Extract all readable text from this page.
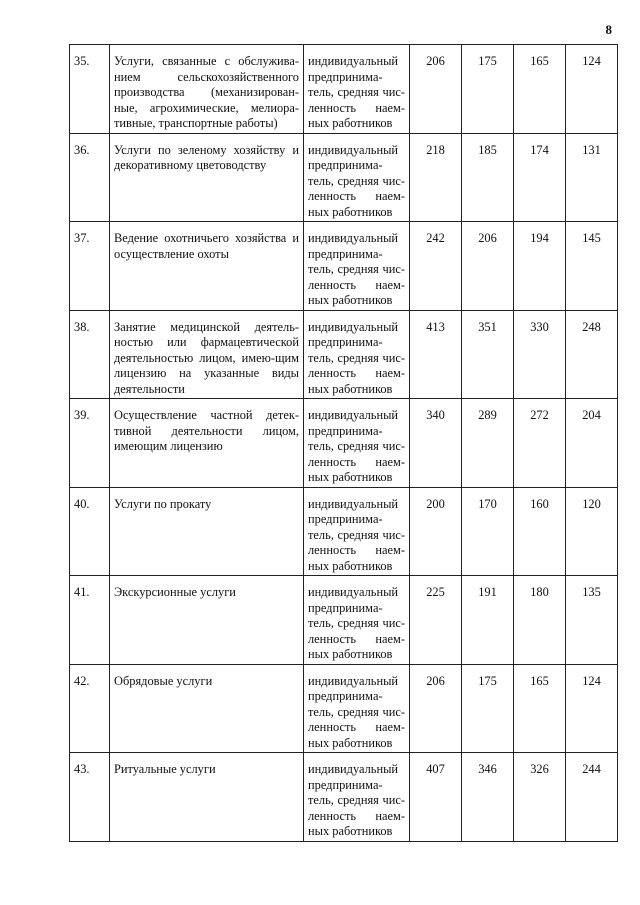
8
35.	Услуги, связанные с обслужива-нием сельскохозяйственного производства (механизирован-ные, агрохимические, мелиора-тивные, транспортные работы)	индивидуальный предпринима-тель, средняя чис-ленность наем-ных работников	206	175	165	124
36.	Услуги по зеленому хозяйству и декоративному цветоводству	индивидуальный предпринима-тель, средняя чис-ленность наем-ных работников	218	185	174	131
37.	Ведение охотничьего хозяйства и осуществление охоты	индивидуальный предпринима-тель, средняя чис-ленность наем-ных работников	242	206	194	145
38.	Занятие медицинской деятель-ностью или фармацевтической деятельностью лицом, имею-щим лицензию на указанные виды деятельности	индивидуальный предпринима-тель, средняя чис-ленность наем-ных работников	413	351	330	248
39.	Осуществление частной детек-тивной деятельности лицом, имеющим лицензию	индивидуальный предпринима-тель, средняя чис-ленность наем-ных работников	340	289	272	204
40.	Услуги по прокату	индивидуальный предпринима-тель, средняя чис-ленность наем-ных работников	200	170	160	120
41.	Экскурсионные услуги	индивидуальный предпринима-тель, средняя чис-ленность наем-ных работников	225	191	180	135
42.	Обрядовые услуги	индивидуальный предпринима-тель, средняя чис-ленность наем-ных работников	206	175	165	124
43.	Ритуальные услуги	индивидуальный предпринима-тель, средняя чис-ленность наем-ных работников	407	346	326	244
